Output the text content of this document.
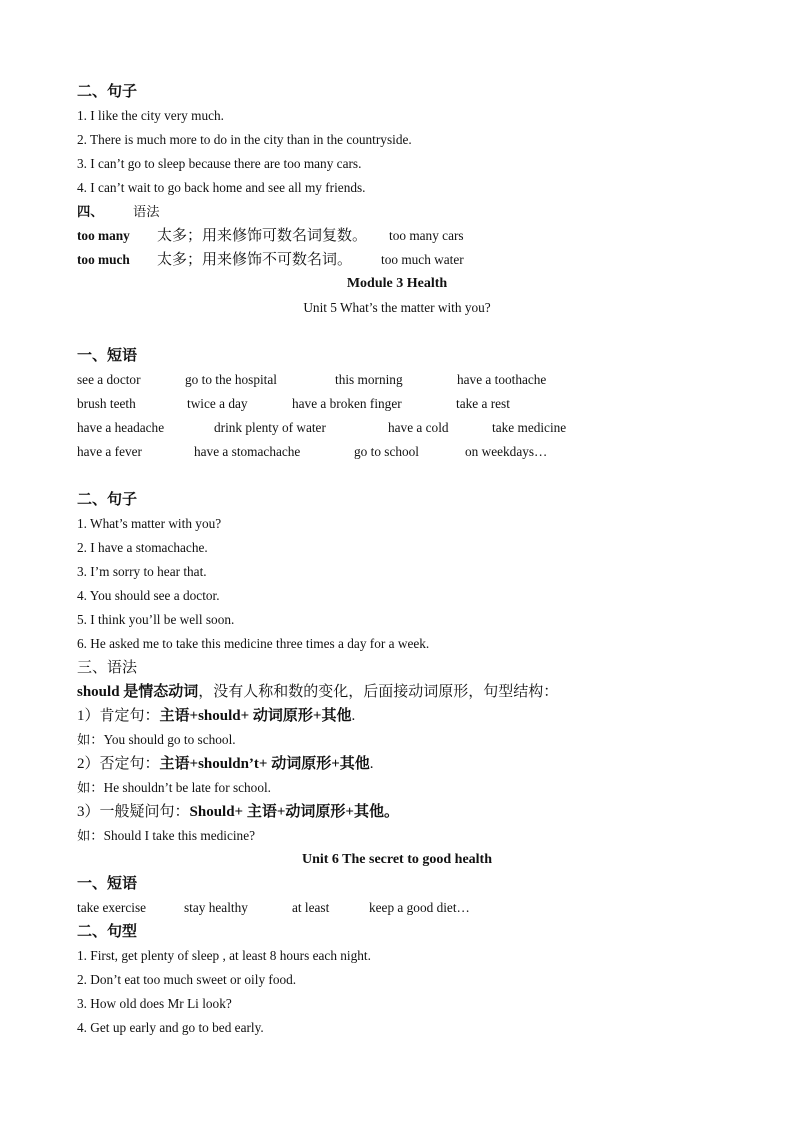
二、句子
1. I like the city very much.
2. There is much more to do in the city than in the countryside.
3. I can’t go to sleep because there are too many cars.
4. I can’t wait to go back home and see all my friends.
四、 语法
too many 太多；用来修饰可数名词复数。 too many cars
too much 太多；用来修饰不可数名词。 too much water
Module 3 Health
Unit 5 What’s the matter with you?
一、短语
see a doctor	go to the hospital	this morning	have a toothache
brush teeth	twice a day	have a broken finger	take a rest
have a headache	drink plenty of water	have a cold	take medicine
have a fever	have a stomachache	go to school	on weekdays…
二、句子
1. What’s matter with you?
2. I have a stomachache.
3. I’m sorry to hear that.
4. You should see a doctor.
5. I think you’ll be well soon.
6. He asked me to take this medicine three times a day for a week.
三、语法
should 是情态动词，没有人称和数的变化，后面接动词原形，句型结构：
1）肯定句：主语+should+ 动词原形+其他.
如：You should go to school.
2）否定句：主语+shouldn’t+ 动词原形+其他.
如：He shouldn’t be late for school.
3）一般疑问句：Should+ 主语+动词原形+其他。
如：Should I take this medicine?
Unit 6 The secret to good health
一、短语
take exercise	stay healthy	at least	keep a good diet…
二、句型
1. First, get plenty of sleep , at least 8 hours each night.
2. Don’t eat too much sweet or oily food.
3. How old does Mr Li look?
4. Get up early and go to bed early.
